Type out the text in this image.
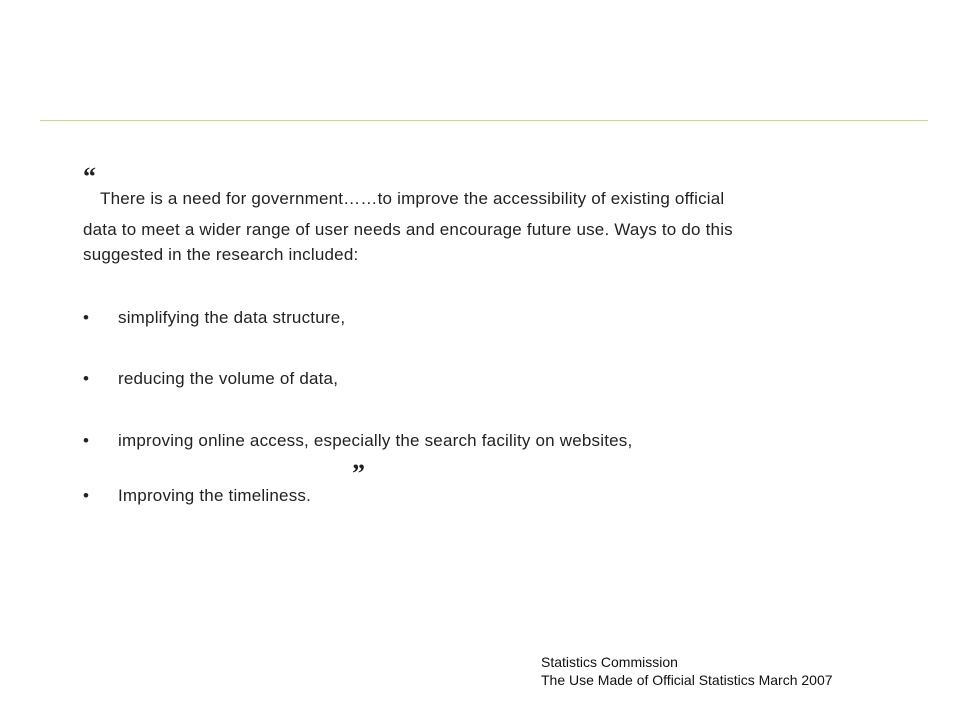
“
There is a need for government……to improve the accessibility of existing official
data to meet a wider range of user needs and encourage future use. Ways to do this
suggested in the research included:
•	simplifying the data structure,
•	reducing the volume of data,
•	improving online access, especially the search facility on websites,
•	Improving the timeliness.
”
Statistics Commission
The Use Made of Official Statistics March 2007
